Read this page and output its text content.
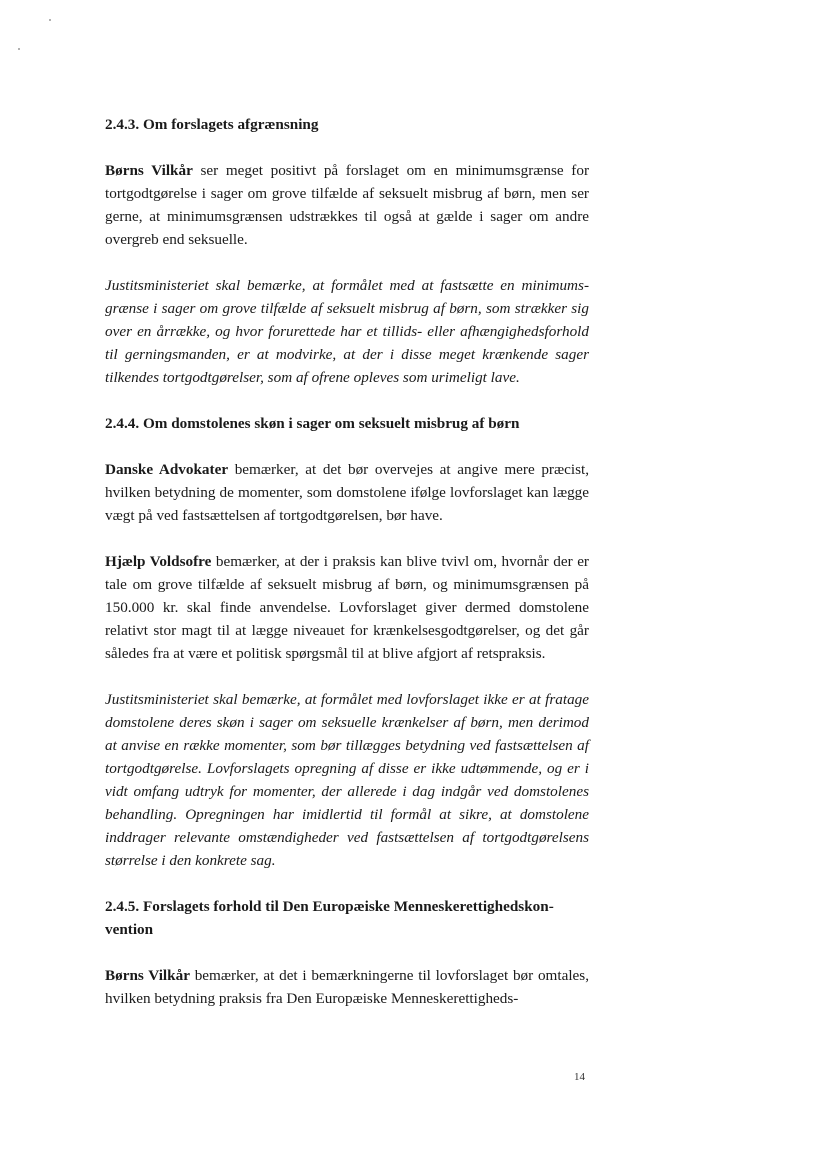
2.4.3. Om forslagets afgrænsning

Børns Vilkår ser meget positivt på forslaget om en minimumsgrænse for tortgodtgørelse i sager om grove tilfælde af seksuelt misbrug af børn, men ser gerne, at minimumsgrænsen udstrækkes til også at gælde i sager om andre overgreb end seksuelle.

Justitsministeriet skal bemærke, at formålet med at fastsætte en minimumsgrænse i sager om grove tilfælde af seksuelt misbrug af børn, som strækker sig over en årrække, og hvor forurettede har et tillids- eller afhængighedsforhold til gerningsmanden, er at modvirke, at der i disse meget krænkende sager tilkendes tortgodtgørelser, som af ofrene opleves som urimeligt lave.

2.4.4. Om domstolenes skøn i sager om seksuelt misbrug af børn

Danske Advokater bemærker, at det bør overvejes at angive mere præcist, hvilken betydning de momenter, som domstolene ifølge lovforslaget kan lægge vægt på ved fastsættelsen af tortgodtgørelsen, bør have.

Hjælp Voldsofre bemærker, at der i praksis kan blive tvivl om, hvornår der er tale om grove tilfælde af seksuelt misbrug af børn, og minimumsgrænsen på 150.000 kr. skal finde anvendelse. Lovforslaget giver dermed domstolene relativt stor magt til at lægge niveauet for krænkelsesgodtgørelser, og det går således fra at være et politisk spørgsmål til at blive afgjort af retspraksis.

Justitsministeriet skal bemærke, at formålet med lovforslaget ikke er at fratage domstolene deres skøn i sager om seksuelle krænkelser af børn, men derimod at anvise en række momenter, som bør tillægges betydning ved fastsættelsen af tortgodtgørelse. Lovforslagets opregning af disse er ikke udtømmende, og er i vidt omfang udtryk for momenter, der allerede i dag indgår ved domstolenes behandling. Opregningen har imidlertid til formål at sikre, at domstolene inddrager relevante omstændigheder ved fastsættelsen af tortgodtgørelsens størrelse i den konkrete sag.

2.4.5. Forslagets forhold til Den Europæiske Menneskerettighedskonvention

Børns Vilkår bemærker, at det i bemærkningerne til lovforslaget bør omtales, hvilken betydning praksis fra Den Europæiske Menneskerettigheds-

14
